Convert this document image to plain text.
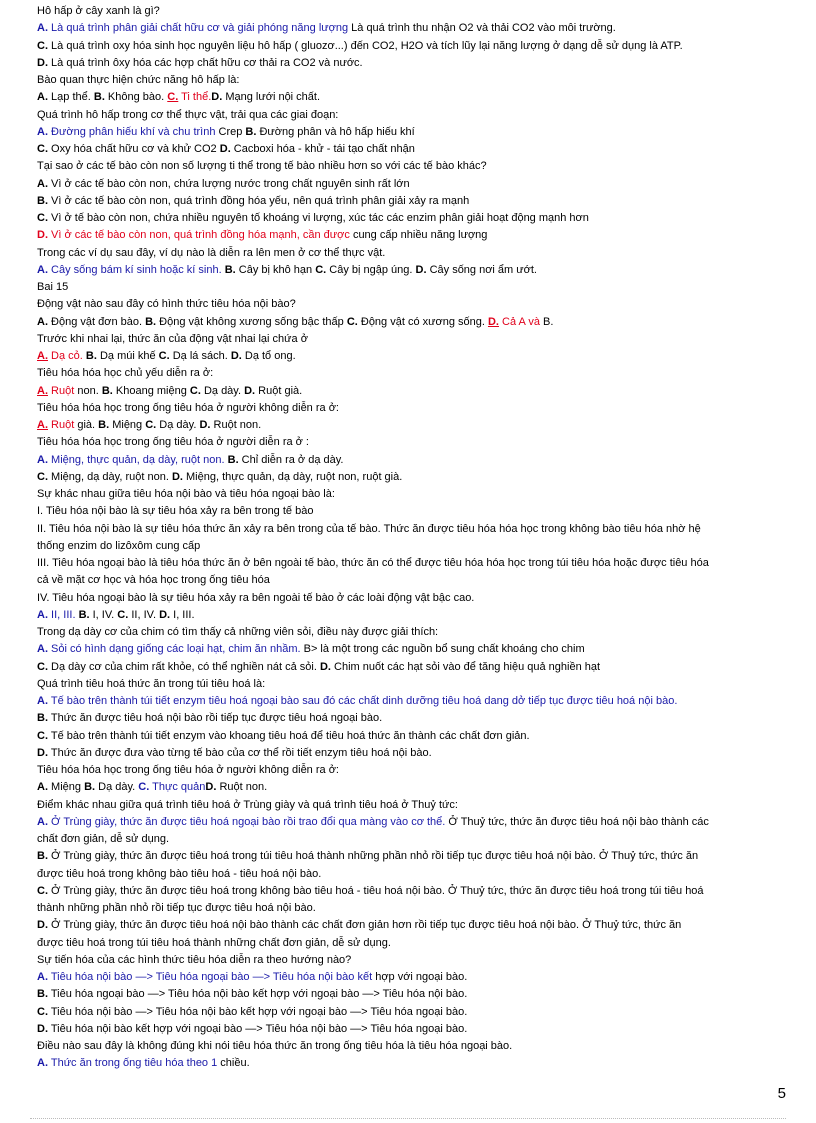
Hô hấp ở cây xanh là gì?
A. Là quá trình phân giải chất hữu cơ và giải phóng năng lượng Là quá trình thu nhận O2 và thải CO2 vào môi trường.
C. Là quá trình oxy hóa sinh học nguyên liệu hô hấp ( gluozơ...) đến CO2, H2O và tích lũy lại năng lượng ở dạng dễ sử dụng là ATP.
D. Là quá trình ôxy hóa các hợp chất hữu cơ thải ra CO2 và nước.
Bào quan thực hiện chức năng hô hấp là:
A. Lạp thể. B. Không bào. C. Ti thể.D. Mạng lưới nội chất.
Quá trình hô hấp trong cơ thể thực vật, trải qua các giai đoạn:
A. Đường phân hiếu khí và chu trình Crep B. Đường phân và hô hấp hiếu khí
C. Oxy hóa chất hữu cơ và khử CO2 D. Cacboxi hóa - khử - tái tạo chất nhận
Tại sao ở các tế bào còn non số lượng ti thể trong tế bào nhiều hơn so với các tế bào khác?
A. Vì ở các tế bào còn non, chứa lượng nước trong chất nguyên sinh rất lớn
B. Vì ở các tế bào còn non, quá trình đồng hóa yếu, nên quá trình phân giải xảy ra mạnh
C. Vì ở tế bào còn non, chứa nhiều nguyên tố khoáng vi lượng, xúc tác các enzim phân giải hoạt động mạnh hơn
D. Vì ở các tế bào còn non, quá trình đồng hóa mạnh, cần được cung cấp nhiều năng lượng
Trong các ví dụ sau đây, ví dụ nào là diễn ra lên men ở cơ thể thực vật.
A. Cây sống bám kí sinh hoặc kí sinh. B. Cây bị khô hạn C. Cây bị ngập úng. D. Cây sống nơi ẩm ướt.
Bai 15
Động vật nào sau đây có hình thức tiêu hóa nội bào?
A. Động vật đơn bào. B. Động vật không xương sống bậc thấp C. Động vật có xương sống. D. Cả A và B.
Trước khi nhai lại, thức ăn của động vật nhai lại chứa ở
A. Dạ cỏ. B. Dạ múi khế C. Dạ lá sách. D. Dạ tổ ong.
Tiêu hóa hóa học chủ yếu diễn ra ở:
A. Ruột non. B. Khoang miệng C. Dạ dày. D. Ruột già.
Tiêu hóa hóa học trong ống tiêu hóa ở người không diễn ra ở:
A. Ruột già. B. Miệng C. Dạ dày. D. Ruột non.
Tiêu hóa hóa học trong ống tiêu hóa ở người diễn ra ở :
A. Miệng, thực quản, dạ dày, ruột non. B. Chỉ diễn ra ở dạ dày.
C. Miệng, dạ dày, ruột non. D. Miệng, thực quản, dạ dày, ruột non, ruột già.
Sự khác nhau giữa tiêu hóa nội bào và tiêu hóa ngoại bào là:
I. Tiêu hóa nội bào là sự tiêu hóa xảy ra bên trong tế bào
II. Tiêu hóa nội bào là sự tiêu hóa thức ăn xảy ra bên trong của tế bào. Thức ăn được tiêu hóa hóa học trong không bào tiêu hóa nhờ hệ
thống enzim do lizôxôm cung cấp
III. Tiêu hóa ngoại bào là tiêu hóa thức ăn ở bên ngoài tế bào, thức ăn có thể được tiêu hóa hóa học trong túi tiêu hóa hoặc được tiêu hóa
cả về mặt cơ học và hóa học trong ống tiêu hóa
IV. Tiêu hóa ngoại bào là sự tiêu hóa xảy ra bên ngoài tế bào ở các loài động vật bậc cao.
A. II, III. B. I, IV. C. II, IV. D. I, III.
Trong dạ dày cơ của chim có tìm thấy cả những viên sỏi, điều này được giải thích:
A. Sỏi có hình dạng giống các loại hạt, chim ăn nhầm. B> là một trong các nguồn bổ sung chất khoáng cho chim
C. Dạ dày cơ của chim rất khỏe, có thể nghiền nát cả sỏi. D. Chim nuốt các hạt sỏi vào để tăng hiệu quả nghiền hạt
Quá trình tiêu hoá thức ăn trong túi tiêu hoá là:
A. Tế bào trên thành túi tiết enzym tiêu hoá ngoại bào sau đó các chất dinh dưỡng tiêu hoá dang dở tiếp tục được tiêu hoá nội bào.
B. Thức ăn được tiêu hoá nội bào rồi tiếp tục được tiêu hoá ngoại bào.
C. Tế bào trên thành túi tiết enzym vào khoang tiêu hoá để tiêu hoá thức ăn thành các chất đơn giản.
D. Thức ăn được đưa vào từng tế bào của cơ thể rồi tiết enzym tiêu hoá nội bào.
Tiêu hóa hóa học trong ống tiêu hóa ở người không diễn ra ở:
A. Miệng B. Dạ dày. C. Thực quảnD. Ruột non.
Điểm khác nhau giữa quá trình tiêu hoá ở Trùng giày và quá trình tiêu hoá ở Thuỷ tức:
A. Ở Trùng giày, thức ăn được tiêu hoá ngoại bào rồi trao đổi qua màng vào cơ thể. Ở Thuỷ tức, thức ăn được tiêu hoá nội bào thành các
chất đơn giản, dễ sử dụng.
B. Ở Trùng giày, thức ăn được tiêu hoá trong túi tiêu hoá thành những phần nhỏ rồi tiếp tục được tiêu hoá nội bào. Ở Thuỷ tức, thức ăn
được tiêu hoá trong không bào tiêu hoá - tiêu hoá nội bào.
C. Ở Trùng giày, thức ăn được tiêu hoá trong không bào tiêu hoá - tiêu hoá nội bào. Ở Thuỷ tức, thức ăn được tiêu hoá trong túi tiêu hoá
thành những phần nhỏ rồi tiếp tục được tiêu hoá nội bào.
D. Ở Trùng giày, thức ăn được tiêu hoá nội bào thành các chất đơn giản hơn rồi tiếp tục được tiêu hoá nội bào. Ở Thuỷ tức, thức ăn
được tiêu hoá trong túi tiêu hoá thành những chất đơn giản, dễ sử dụng.
Sự tiến hóa của các hình thức tiêu hóa diễn ra theo hướng nào?
A. Tiêu hóa nội bào —> Tiêu hóa ngoại bào —> Tiêu hóa nội bào kết hợp với ngoại bào.
B. Tiêu hóa ngoại bào —> Tiêu hóa nội bào kết hợp với ngoại bào —> Tiêu hóa nội bào.
C. Tiêu hóa nội bào —> Tiêu hóa nội bào kết hợp với ngoại bào —> Tiêu hóa ngoại bào.
D. Tiêu hóa nội bào kết hợp với ngoại bào —> Tiêu hóa nội bào —> Tiêu hóa ngoại bào.
Điều nào sau đây là không đúng khi nói tiêu hóa thức ăn trong ống tiêu hóa là tiêu hóa ngoại bào.
A. Thức ăn trong ống tiêu hóa theo 1 chiều.
5
